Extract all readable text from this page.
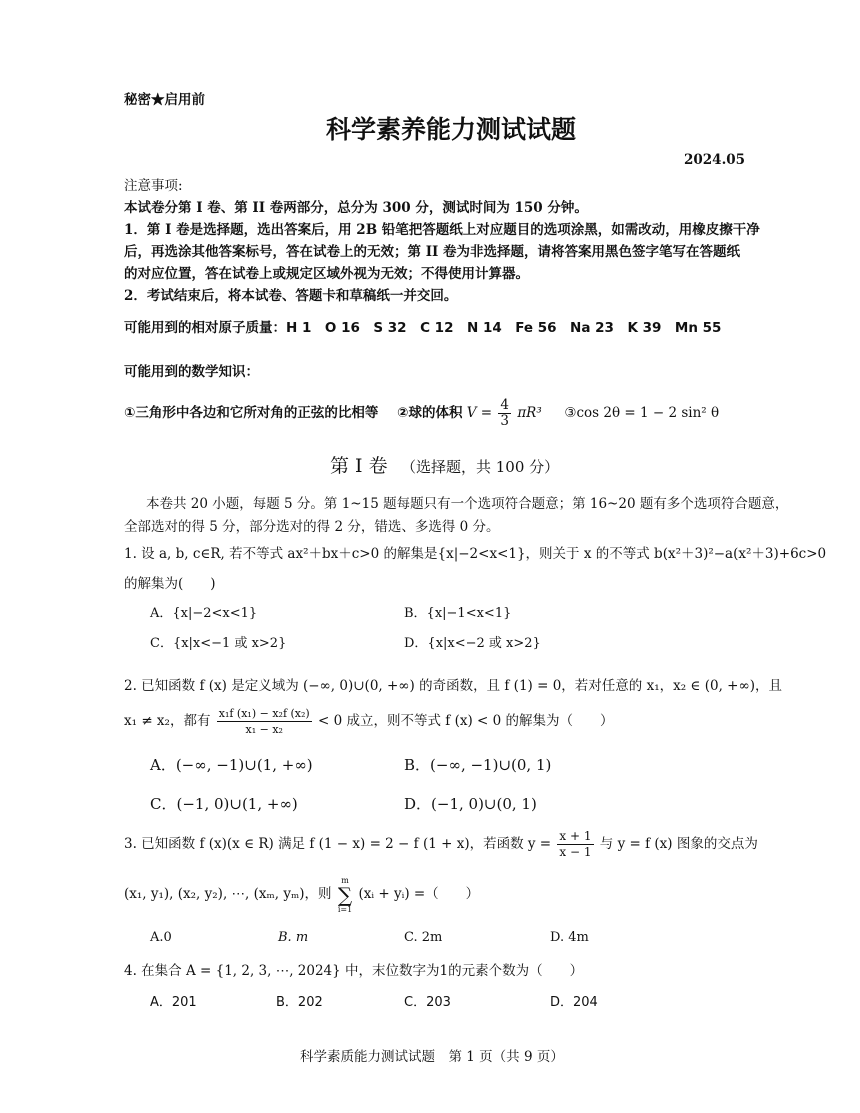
秘密★启用前
科学素养能力测试试题
2024.05
注意事项:
本试卷分第 I 卷、第 II 卷两部分，总分为 300 分，测试时间为 150 分钟。
1．第 I 卷是选择题，选出答案后，用 2B 铅笔把答题纸上对应题目的选项涂黑，如需改动，用橡皮擦干净
后，再选涂其他答案标号，答在试卷上的无效；第 II 卷为非选择题，请将答案用黑色签字笔写在答题纸
的对应位置，答在试卷上或规定区域外视为无效；不得使用计算器。
2．考试结束后，将本试卷、答题卡和草稿纸一并交回。
可能用到的相对原子质量：H 1　O 16　S 32　C 12　N 14　Fe 56　Na 23　K 39　Mn 55
可能用到的数学知识：
①三角形中各边和它所对角的正弦的比相等 ②球的体积 $V = \frac{4}{3} \pi R^3$ ③cos 2θ = 1 − 2 sin² θ
第 I 卷 （选择题，共 100 分）
本卷共 20 小题，每题 5 分。第 1~15 题每题只有一个选项符合题意；第 16~20 题有多个选项符合题意，
全部选对的得 5 分，部分选对的得 2 分，错选、多选得 0 分。
1. 设 a, b, c∈R, 若不等式 ax²＋bx＋c>0 的解集是{x|−2<x<1}，则关于 x 的不等式 b(x²＋3)²−a(x²＋3)+6c>0
的解集为(　　)
A．{x|−2<x<1}	B．{x|−1<x<1}
C．{x|x<−1 或 x>2}	D．{x|x<−2 或 x>2}
2. 已知函数 f (x) 是定义域为 (−∞, 0)∪(0, +∞) 的奇函数，且 f (1) = 0，若对任意的 x₁，x₂ ∈ (0, +∞)，且
x₁ ≠ x₂，都有 $\frac{\text{x₁f (x₁) − x₂f (x₂)}}{\text{x₁ − x₂}} < 0$ 成立，则不等式 f (x) < 0 的解集为（　　）
A．(−∞, −1)∪(1, +∞)	B．(−∞, −1)∪(0, 1)
C．(−1, 0)∪(1, +∞)	D．(−1, 0)∪(0, 1)
3. 已知函数 f (x)(x ∈ R) 满足 f (1 − x) = 2 − f (1 + x)，若函数 $y = \frac{x + 1}{x - 1}$ 与 y = f (x) 图象的交点为
(x₁, y₁), (x₂, y₂), ⋯, (xₘ, yₘ)，则
m
∑
i=1
(xᵢ + yᵢ) =（　　）
A.0	B. m	C. 2m	D. 4m
4. 在集合 A = {1, 2, 3, ⋯, 2024} 中，末位数字为1的元素个数为（　　）
A．201	B．202	C．203	D．204
科学素质能力测试试题　第 1 页（共 9 页）
